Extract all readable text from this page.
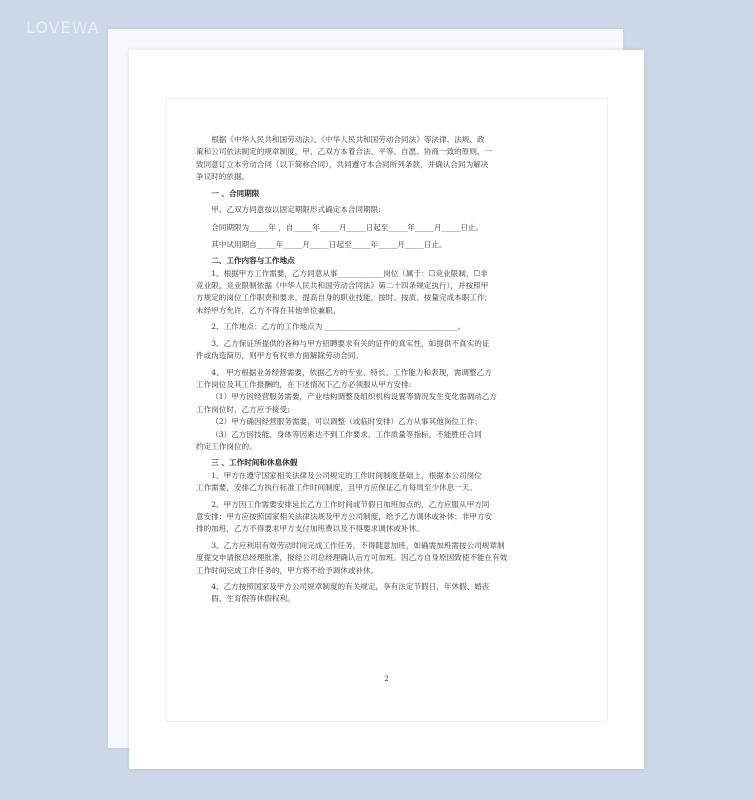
LOVEWA

根据《中华人民共和国劳动法》、《中华人民共和国劳动合同法》等法律、法规、政

策和公司依法制定的规章制度，甲、乙双方本着合法、平等、自愿、协商一致的原则，一

致同意订立本劳动合同（以下简称合同），共同遵守本合同所列条款，并确认合同为解决

争议时的依据。

一 、合同期限

甲、乙双方同意按以固定期限形式确定本合同期限:

合同期限为_____年 ，自_____年_____月_____日起至_____年_____月_____日止。

其中试用期自_____年_____月_____日起至_____年_____月_____日止。

二、工作内容与工作地点

1、根据甲方工作需要，乙方同意从事____________岗位（属于：☐竞业限制，☐非

竞业限。竞业限制依据《中华人民共和国劳动合同法》第二十四条规定执行），并按照甲

方规定的岗位工作职责和要求，提高自身的职业技能，按时、按质、按量完成本职工作;

未经甲方允许，乙方不得在其他单位兼职。

2、工作地点：乙方的工作地点为 ___________________________________。

3、乙方保证所提供的各种与甲方招聘要求有关的证件的真实性，如提供不真实的证

件或伪造简历，则甲方有权单方面解除劳动合同。

4、 甲方根据业务经营需要，依据乙方的专业、特长、工作能力和表现，需调整乙方

工作岗位及其工作报酬的，在下述情况下乙方必须服从甲方安排:

（1）甲方因经营服务需要，产业结构调整及组织机构设置等情况发生变化需调动乙方

工作岗位时，乙方应予接受;

（2）甲方确因经营服务需要，可以调整（或临时安排）乙方从事其他岗位工作；

（3）乙方因技能、身体等因素达不到工作要求、工作质量等指标，不能胜任合同

约定工作岗位的。

三 、工作时间和休息休假

1、甲方在遵守国家相关法律及公司规定的工作时间制度基础上，根据本公司岗位

工作需要，安排乙方执行标准工作时间制度，且甲方应保证乙方每周至少休息一天。

2、甲方因工作需要安排延长乙方工作时间或节假日加班加点的，乙方应服从甲方同

意安排；甲方应按照国家相关法律法规及甲方公司制度，给予乙方调休或补休；非甲方安

排的加班，乙方不得要求甲方支付加班费以及不得要求调休或补休。

3、乙方应利用有效劳动时间完成工作任务，不得随意加班，如确需加班需按公司规章制

度提交申请报总经理批准，报经公司总经理确认后方可加班。因乙方自身原因致使不能在有效

工作时间完成工作任务的，甲方将不给予调休或补休。

4、乙方按照国家及甲方公司规章制度的有关规定，享有法定节假日，年休假、婚丧

假、生育假等休假权利。

2
